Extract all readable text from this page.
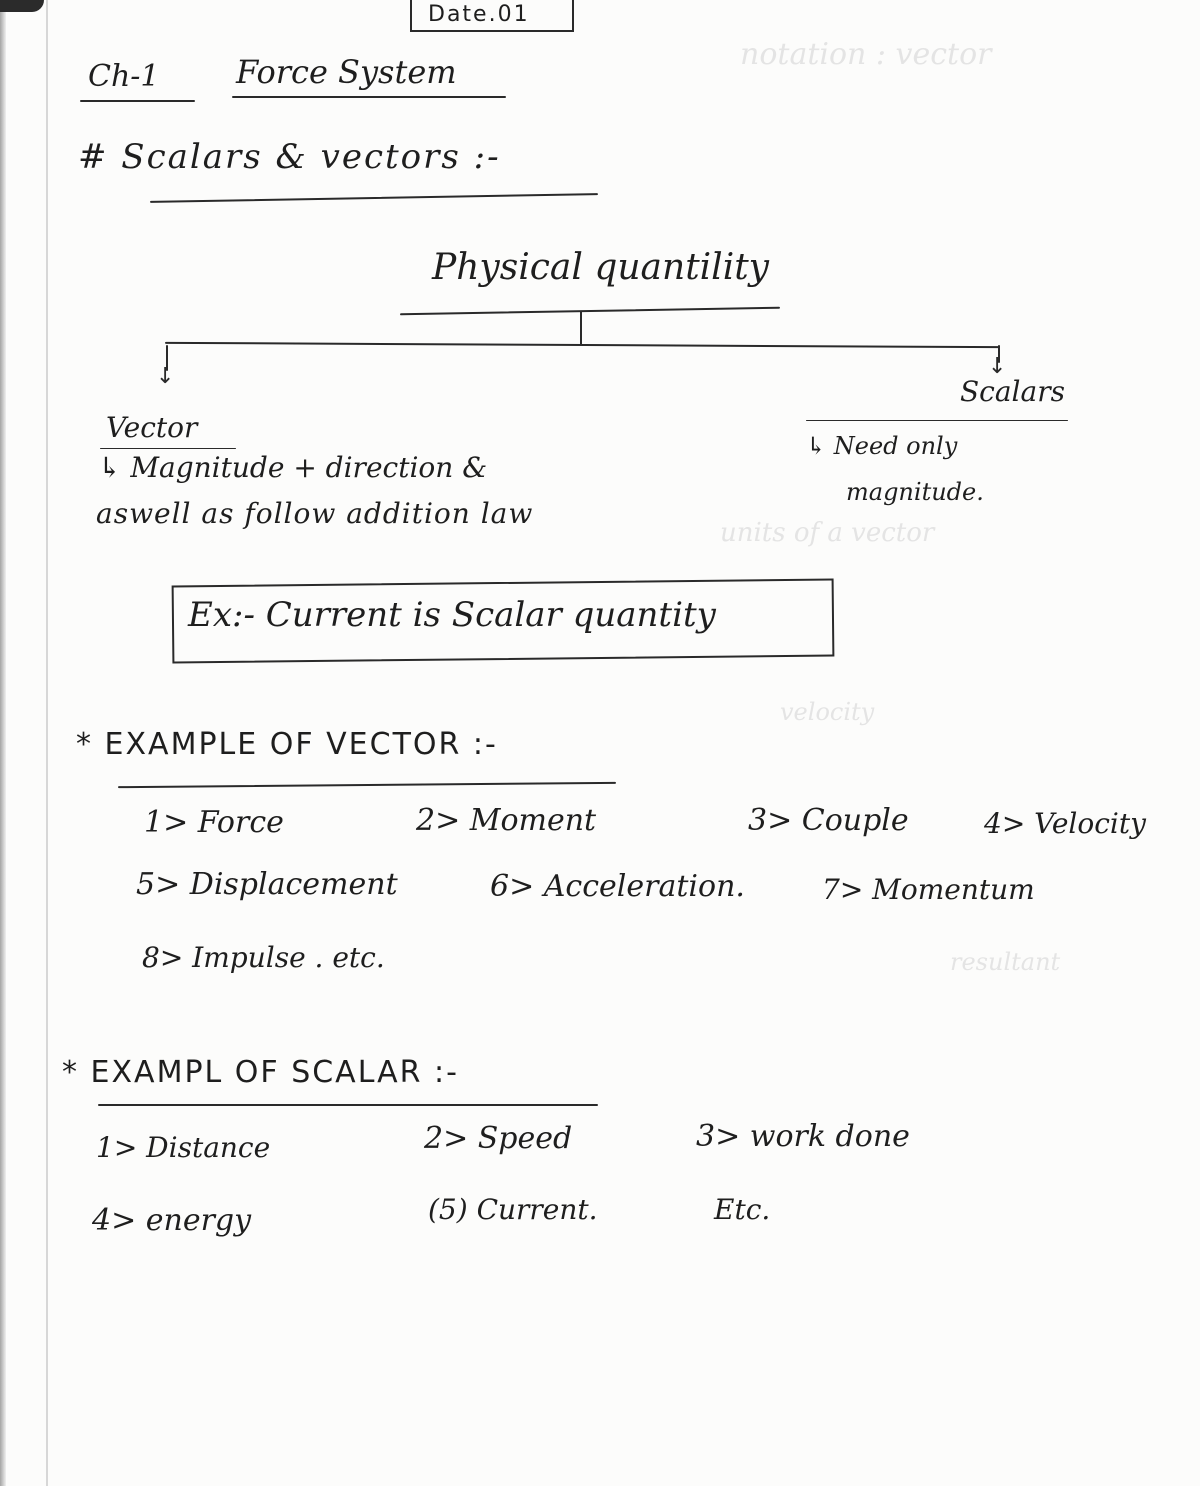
notation : vector
units of a vector
velocity
resultant
Date.01
Ch-1 Force System
# Scalars & vectors :-
Physical quantility
↓	↓
Scalars
↳ Need only
magnitude.
Vector
↳ Magnitude + direction &
aswell as follow addition law
Ex:- Current is Scalar quantity
* EXAMPLE OF VECTOR :-
1> Force	2> Moment	3> Couple	4> Velocity
5> Displacement	6> Acceleration.	7> Momentum
8> Impulse . etc.
* EXAMPL OF SCALAR :-
1> Distance	2> Speed	3> work done
4> energy	(5) Current.	Etc.
